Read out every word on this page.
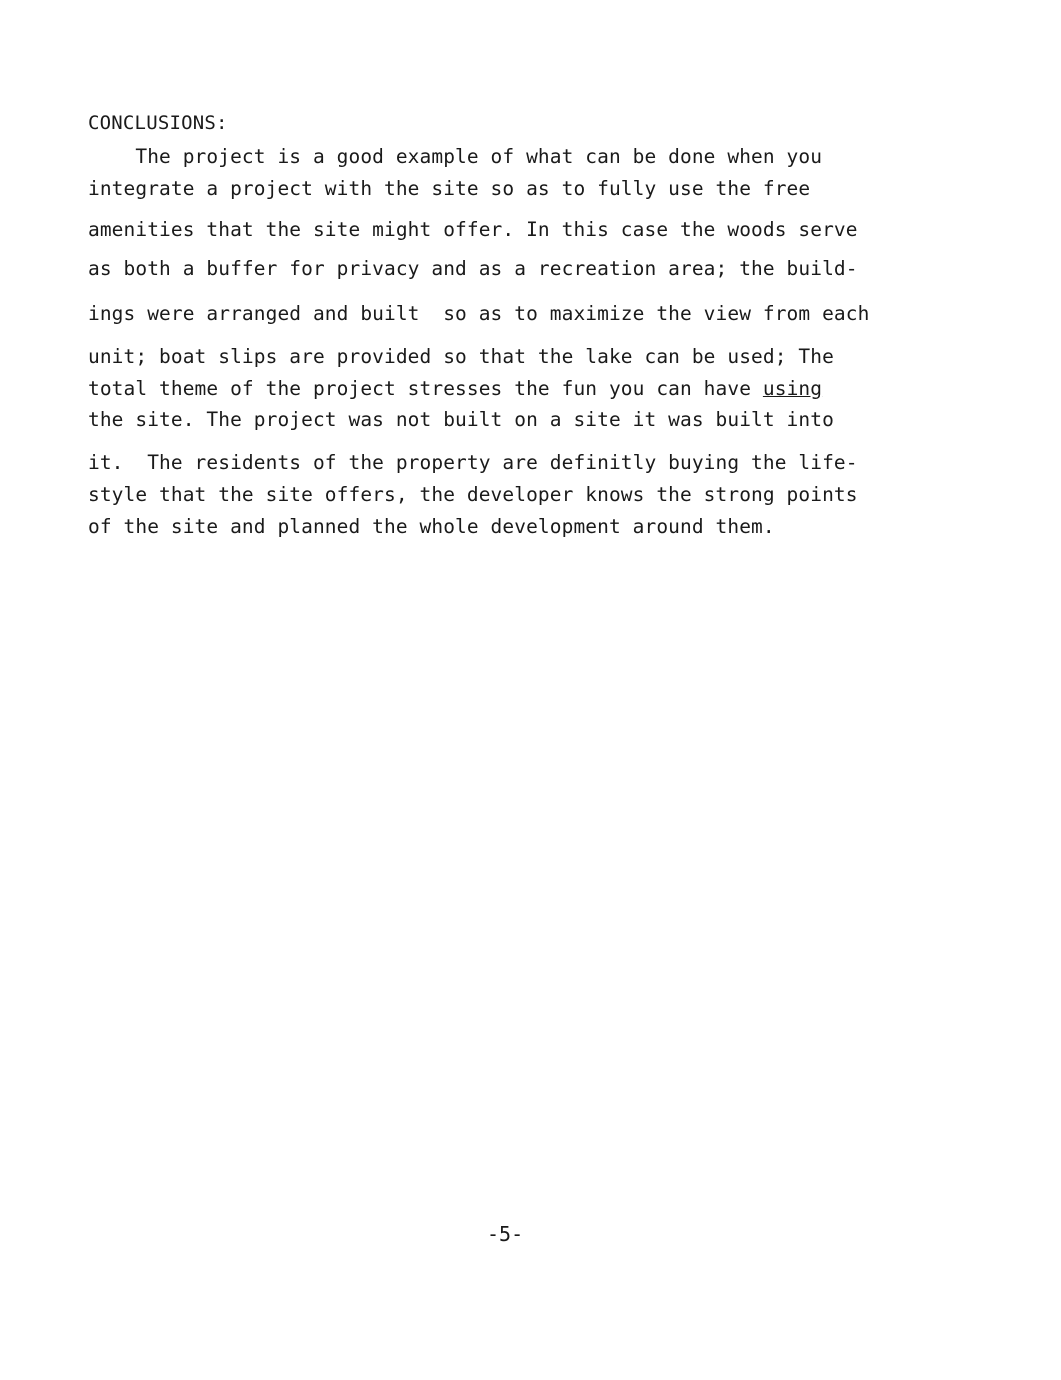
CONCLUSIONS:
The project is a good example of what can be done when you
integrate a project with the site so as to fully use the free
amenities that the site might offer. In this case the woods serve
as both a buffer for privacy and as a recreation area; the build-
ings were arranged and built  so as to maximize the view from each
unit; boat slips are provided so that the lake can be used; The
total theme of the project stresses the fun you can have using
the site. The project was not built on a site it was built into
it.  The residents of the property are definitly buying the life-
style that the site offers, the developer knows the strong points
of the site and planned the whole development around them.
-5-
